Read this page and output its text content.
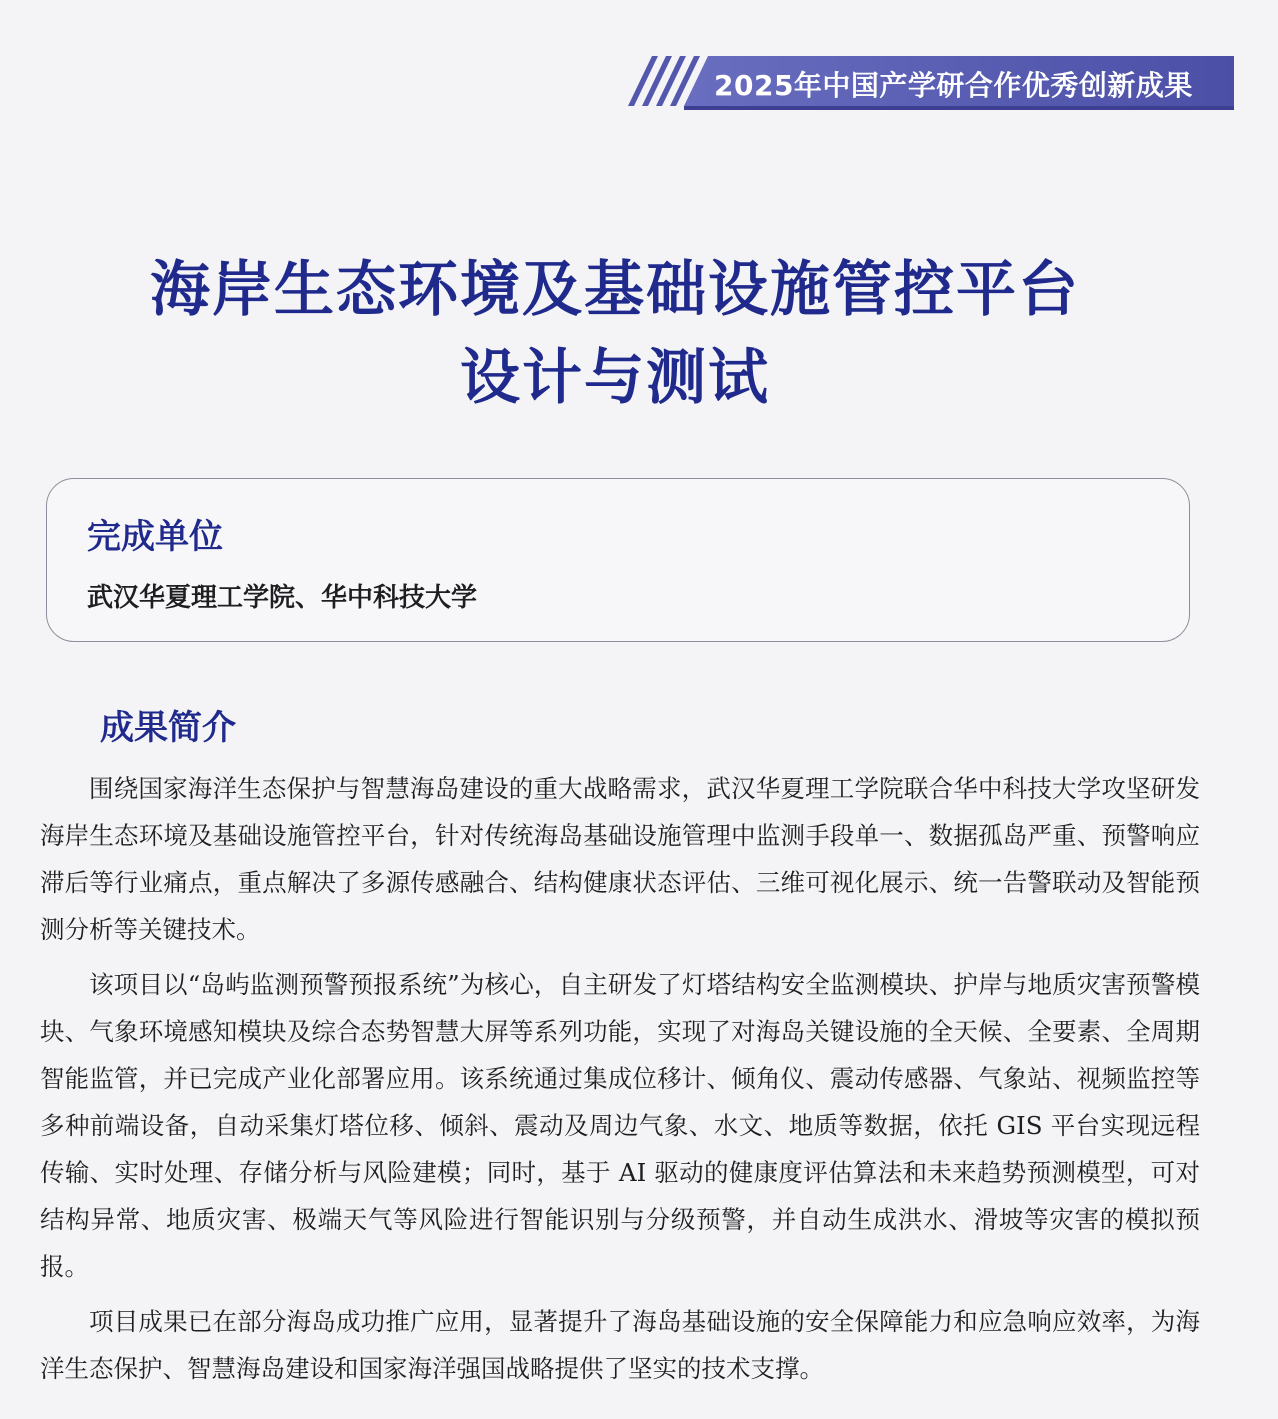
2025年中国产学研合作优秀创新成果
海岸生态环境及基础设施管控平台
设计与测试
完成单位
武汉华夏理工学院、华中科技大学
成果简介

围绕国家海洋生态保护与智慧海岛建设的重大战略需求，武汉华夏理工学院联合华中科技大学攻坚研发海岸生态环境及基础设施管控平台，针对传统海岛基础设施管理中监测手段单一、数据孤岛严重、预警响应滞后等行业痛点，重点解决了多源传感融合、结构健康状态评估、三维可视化展示、统一告警联动及智能预测分析等关键技术。

该项目以“岛屿监测预警预报系统”为核心，自主研发了灯塔结构安全监测模块、护岸与地质灾害预警模块、气象环境感知模块及综合态势智慧大屏等系列功能，实现了对海岛关键设施的全天候、全要素、全周期智能监管，并已完成产业化部署应用。该系统通过集成位移计、倾角仪、震动传感器、气象站、视频监控等多种前端设备，自动采集灯塔位移、倾斜、震动及周边气象、水文、地质等数据，依托 GIS 平台实现远程传输、实时处理、存储分析与风险建模；同时，基于 AI 驱动的健康度评估算法和未来趋势预测模型，可对结构异常、地质灾害、极端天气等风险进行智能识别与分级预警，并自动生成洪水、滑坡等灾害的模拟预报。

项目成果已在部分海岛成功推广应用，显著提升了海岛基础设施的安全保障能力和应急响应效率，为海洋生态保护、智慧海岛建设和国家海洋强国战略提供了坚实的技术支撑。
